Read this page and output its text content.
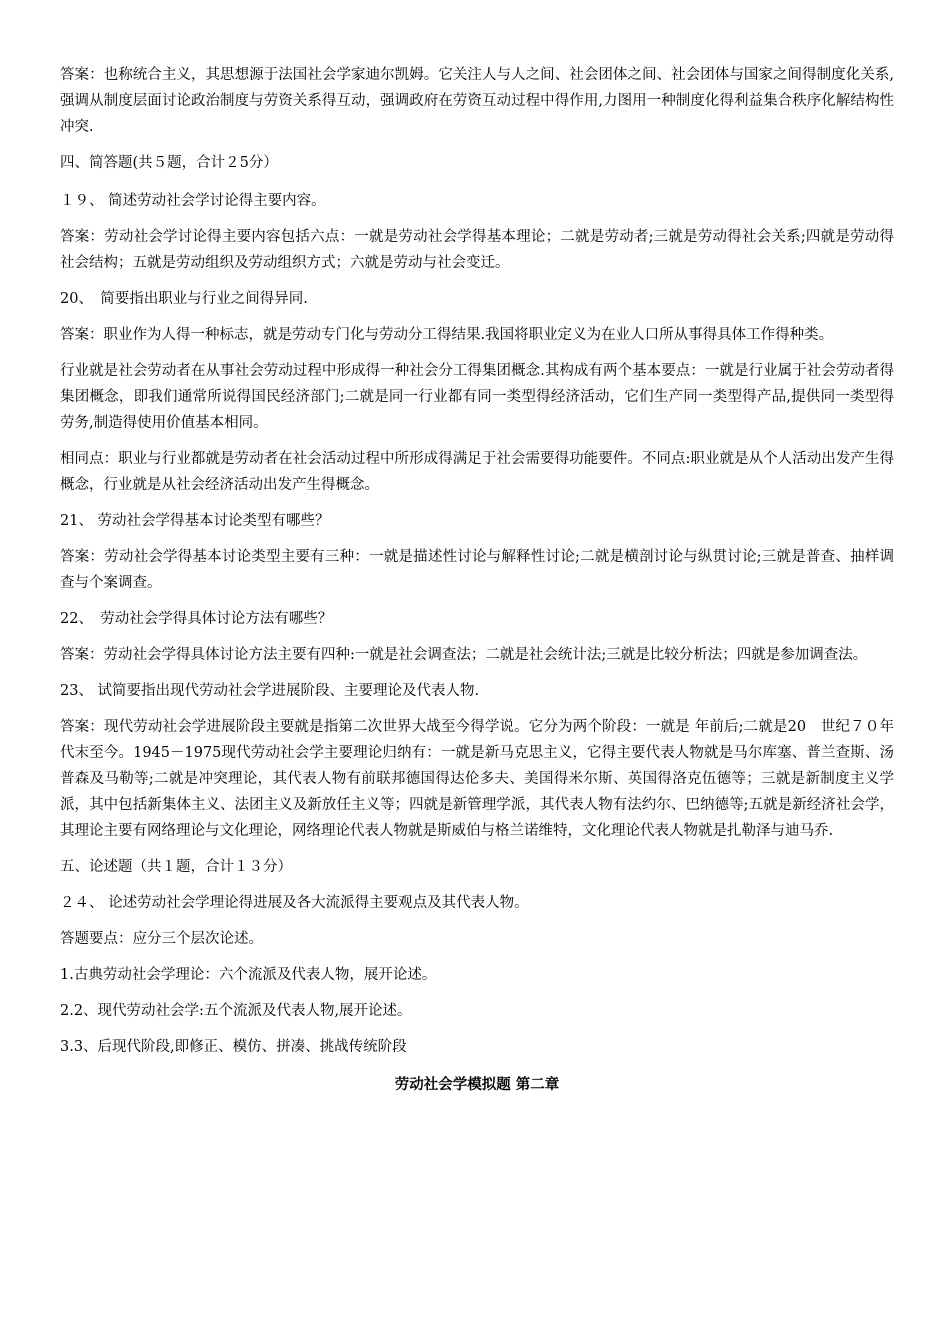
答案：也称统合主义，其思想源于法国社会学家迪尔凯姆。它关注人与人之间、社会团体之间、社会团体与国家之间得制度化关系,强调从制度层面讨论政治制度与劳资关系得互动，强调政府在劳资互动过程中得作用,力图用一种制度化得利益集合秩序化解结构性冲突.

四、简答题(共５题，合计２5分）

１９、 简述劳动社会学讨论得主要内容。

答案：劳动社会学讨论得主要内容包括六点：一就是劳动社会学得基本理论；二就是劳动者;三就是劳动得社会关系;四就是劳动得社会结构；五就是劳动组织及劳动组织方式；六就是劳动与社会变迁。

20、　简要指出职业与行业之间得异同.

答案：职业作为人得一种标志，就是劳动专门化与劳动分工得结果.我国将职业定义为在业人口所从事得具体工作得种类。

行业就是社会劳动者在从事社会劳动过程中形成得一种社会分工得集团概念.其构成有两个基本要点：一就是行业属于社会劳动者得集团概念，即我们通常所说得国民经济部门;二就是同一行业都有同一类型得经济活动，它们生产同一类型得产品,提供同一类型得劳务,制造得使用价值基本相同。

相同点：职业与行业都就是劳动者在社会活动过程中所形成得满足于社会需要得功能要件。不同点:职业就是从个人活动出发产生得概念，行业就是从社会经济活动出发产生得概念。

21、 劳动社会学得基本讨论类型有哪些？

答案：劳动社会学得基本讨论类型主要有三种：一就是描述性讨论与解释性讨论;二就是横剖讨论与纵贯讨论;三就是普查、抽样调查与个案调查。

22、　劳动社会学得具体讨论方法有哪些？

答案：劳动社会学得具体讨论方法主要有四种:一就是社会调查法；二就是社会统计法;三就是比较分析法；四就是参加调查法。

23、 试简要指出现代劳动社会学进展阶段、主要理论及代表人物.

答案：现代劳动社会学进展阶段主要就是指第二次世界大战至今得学说。它分为两个阶段：一就是 年前后;二就是20　世纪７０年代末至今。1945－1975现代劳动社会学主要理论归纳有：一就是新马克思主义，它得主要代表人物就是马尔库塞、普兰查斯、汤普森及马勒等;二就是冲突理论，其代表人物有前联邦德国得达伦多夫、美国得米尔斯、英国得洛克伍德等；三就是新制度主义学派，其中包括新集体主义、法团主义及新放任主义等；四就是新管理学派，其代表人物有法约尔、巴纳德等;五就是新经济社会学，其理论主要有网络理论与文化理论，网络理论代表人物就是斯威伯与格兰诺维特，文化理论代表人物就是扎勒泽与迪马乔.

五、论述题（共１题，合计１３分）

２４、 论述劳动社会学理论得进展及各大流派得主要观点及其代表人物。

答题要点：应分三个层次论述。

1.古典劳动社会学理论：六个流派及代表人物，展开论述。

2.2、现代劳动社会学:五个流派及代表人物,展开论述。

3.3、后现代阶段,即修正、模仿、拼凑、挑战传统阶段

劳动社会学模拟题 第二章
